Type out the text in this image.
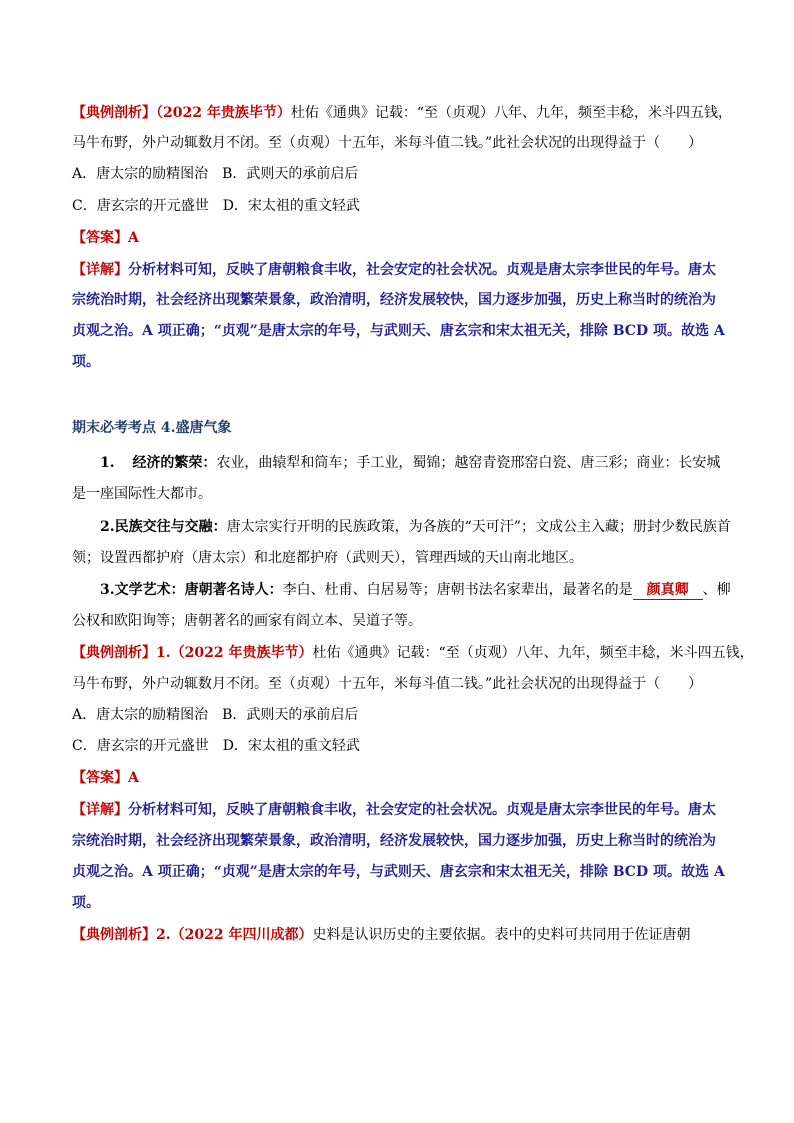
【典例剖析】（2022 年贵族毕节）杜佑《通典》记载：“至（贞观）八年、九年，频至丰稔，米斗四五钱，
马牛布野，外户动辄数月不闭。至（贞观）十五年，米每斗值二钱。”此社会状况的出现得益于（　　）
A．唐太宗的励精图治　B．武则天的承前启后
C．唐玄宗的开元盛世　D．宋太祖的重文轻武
【答案】A
【详解】分析材料可知，反映了唐朝粮食丰收，社会安定的社会状况。贞观是唐太宗李世民的年号。唐太
宗统治时期，社会经济出现繁荣景象，政治清明，经济发展较快，国力逐步加强，历史上称当时的统治为
贞观之治。A 项正确；“贞观”是唐太宗的年号，与武则天、唐玄宗和宋太祖无关，排除 BCD 项。故选 A
项。
期末必考考点 4.盛唐气象
1. 经济的繁荣：农业，曲辕犁和筒车；手工业，蜀锦；越窑青瓷邢窑白瓷、唐三彩；商业：长安城
是一座国际性大都市。
2.民族交往与交融：唐太宗实行开明的民族政策，为各族的“天可汗”；文成公主入藏；册封少数民族首
领；设置西都护府（唐太宗）和北庭都护府（武则天），管理西域的天山南北地区。
3.文学艺术：唐朝著名诗人：李白、杜甫、白居易等；唐朝书法名家辈出，最著名的是 颜真卿 、柳
公权和欧阳询等；唐朝著名的画家有阎立本、吴道子等。
【典例剖析】1.（2022 年贵族毕节）杜佑《通典》记载：“至（贞观）八年、九年，频至丰稔，米斗四五钱，
马牛布野，外户动辄数月不闭。至（贞观）十五年，米每斗值二钱。”此社会状况的出现得益于（　　）
A．唐太宗的励精图治　B．武则天的承前启后
C．唐玄宗的开元盛世　D．宋太祖的重文轻武
【答案】A
【详解】分析材料可知，反映了唐朝粮食丰收，社会安定的社会状况。贞观是唐太宗李世民的年号。唐太
宗统治时期，社会经济出现繁荣景象，政治清明，经济发展较快，国力逐步加强，历史上称当时的统治为
贞观之治。A 项正确；“贞观”是唐太宗的年号，与武则天、唐玄宗和宋太祖无关，排除 BCD 项。故选 A
项。
【典例剖析】2.（2022 年四川成都）史料是认识历史的主要依据。表中的史料可共同用于佐证唐朝
